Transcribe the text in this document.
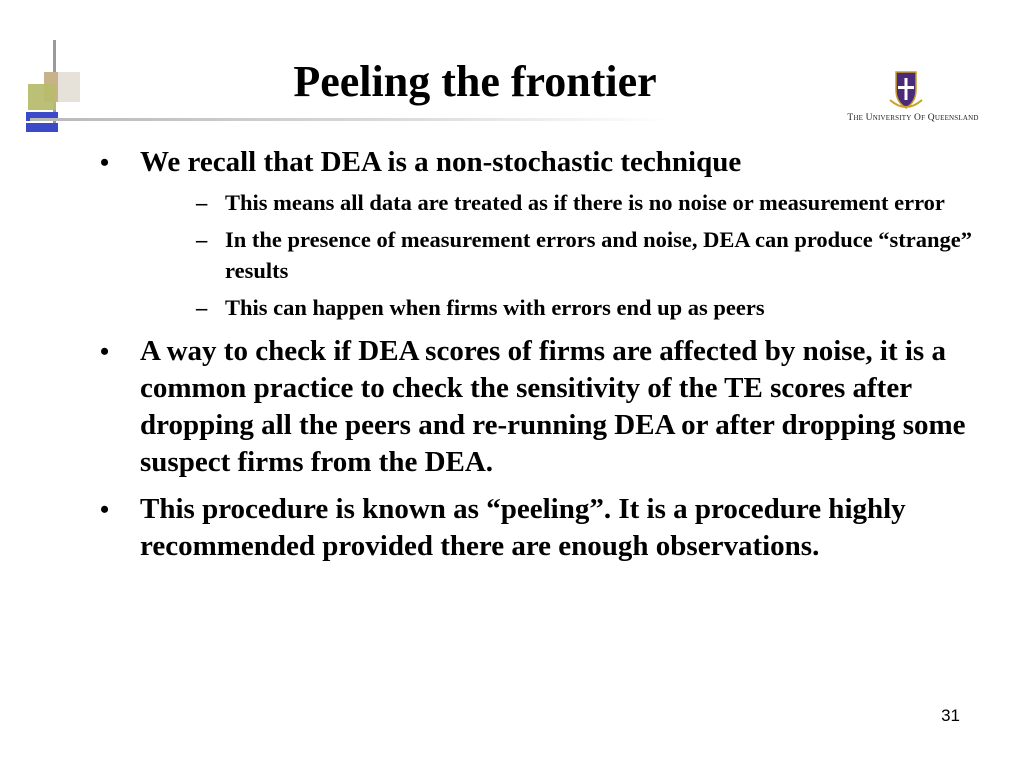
Peeling the frontier
The University Of Queensland
• We recall that DEA is a non-stochastic technique
– This means all data are treated as if there is no noise or measurement error
– In the presence of measurement errors and noise, DEA can produce “strange” results
– This can happen when firms with errors end up as peers
• A way to check if DEA scores of firms are affected by noise, it is a common practice to check the sensitivity of the TE scores after dropping all the peers and re-running DEA or after dropping some suspect firms from the DEA.
• This procedure is known as “peeling”. It is a procedure highly recommended provided there are enough observations.
31
